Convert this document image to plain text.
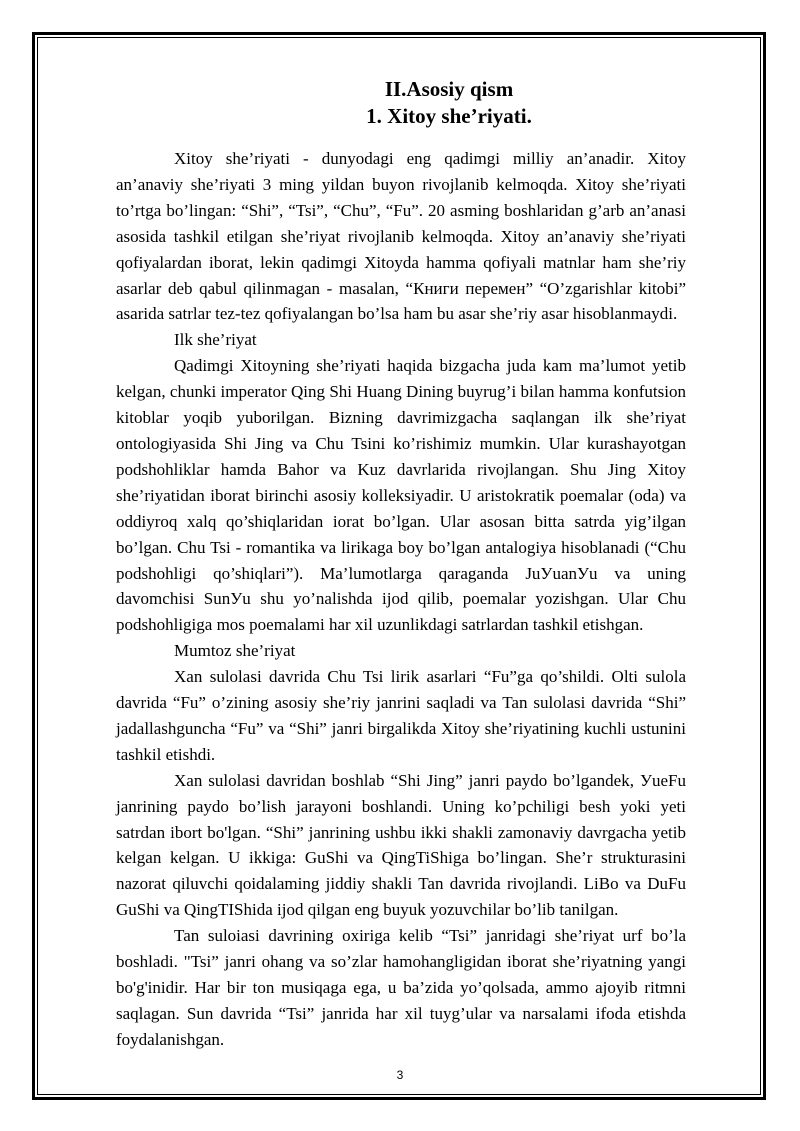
II.Asosiy qism
1. Xitoy she’riyati.

Xitoy she’riyati - dunyodagi eng qadimgi milliy an’anadir. Xitoy an’anaviy she’riyati 3 ming yildan buyon rivojlanib kelmoqda. Xitoy she’riyati to’rtga bo’lingan: “Shi”, “Tsi”, “Chu”, “Fu”. 20 asming boshlaridan g’arb an’anasi asosida tashkil etilgan she’riyat rivojlanib kelmoqda. Xitoy an’anaviy she’riyati qofiyalardan iborat, lekin qadimgi Xitoyda hamma qofiyali matnlar ham she’riy asarlar deb qabul qilinmagan - masalan, “Книги перемен” “O’zgarishlar kitobi” asarida satrlar tez-tez qofiyalangan bo’lsa ham bu asar she’riy asar hisoblanmaydi.

Ilk she’riyat

Qadimgi Xitoyning she’riyati haqida bizgacha juda kam ma’lumot yetib kelgan, chunki imperator Qing Shi Huang Dining buyrug’i bilan hamma konfutsion kitoblar yoqib yuborilgan. Bizning davrimizgacha saqlangan ilk she’riyat ontologiyasida Shi Jing va Chu Tsini ko’rishimiz mumkin. Ular kurashayotgan podshohliklar hamda Bahor va Kuz davrlarida rivojlangan. Shu Jing Xitoy she’riyatidan iborat birinchi asosiy kolleksiyadir. U aristokratik poemalar (oda) va oddiyroq xalq qo’shiqlaridan iorat bo’lgan. Ular asosan bitta satrda yig’ilgan bo’lgan. Chu Tsi - romantika va lirikaga boy bo’lgan antalogiya hisoblanadi (“Chu podshohligi qo’shiqlari”). Ma’lumotlarga qaraganda JuУuanУu va uning davomchisi SunУu shu yo’nalishda ijod qilib, poemalar yozishgan. Ular Chu podshohligiga mos poemalami har xil uzunlikdagi satrlardan tashkil etishgan.

Mumtoz she’riyat

Xan sulolasi davrida Chu Tsi lirik asarlari “Fu”ga qo’shildi. Olti sulola davrida “Fu” o’zining asosiy she’riy janrini saqladi va Tan sulolasi davrida “Shi” jadallashguncha “Fu” va “Shi” janri birgalikda Xitoy she’riyatining kuchli ustunini tashkil etishdi.

Xan sulolasi davridan boshlab “Shi Jing” janri paydo bo’lgandek, УueFu janrining paydo bo’lish jarayoni boshlandi. Uning ko’pchiligi besh yoki yeti satrdan ibort bo'lgan. “Shi” janrining ushbu ikki shakli zamonaviy davrgacha yetib kelgan kelgan. U ikkiga: GuShi va QingTiShiga bo’lingan. She’r strukturasini nazorat qiluvchi qoidalaming jiddiy shakli Tan davrida rivojlandi. LiBo va DuFu GuShi va QingTIShida ijod qilgan eng buyuk yozuvchilar bo’lib tanilgan.

Tan suloiasi davrining oxiriga kelib “Tsi” janridagi she’riyat urf bo’la boshladi. "Tsi” janri ohang va so’zlar hamohangligidan iborat she’riyatning yangi bo'g'inidir. Har bir ton musiqaga ega, u ba’zida yo’qolsada, ammo ajoyib ritmni saqlagan. Sun davrida “Tsi” janrida har xil tuyg’ular va narsalami ifoda etishda foydalanishgan.

3
